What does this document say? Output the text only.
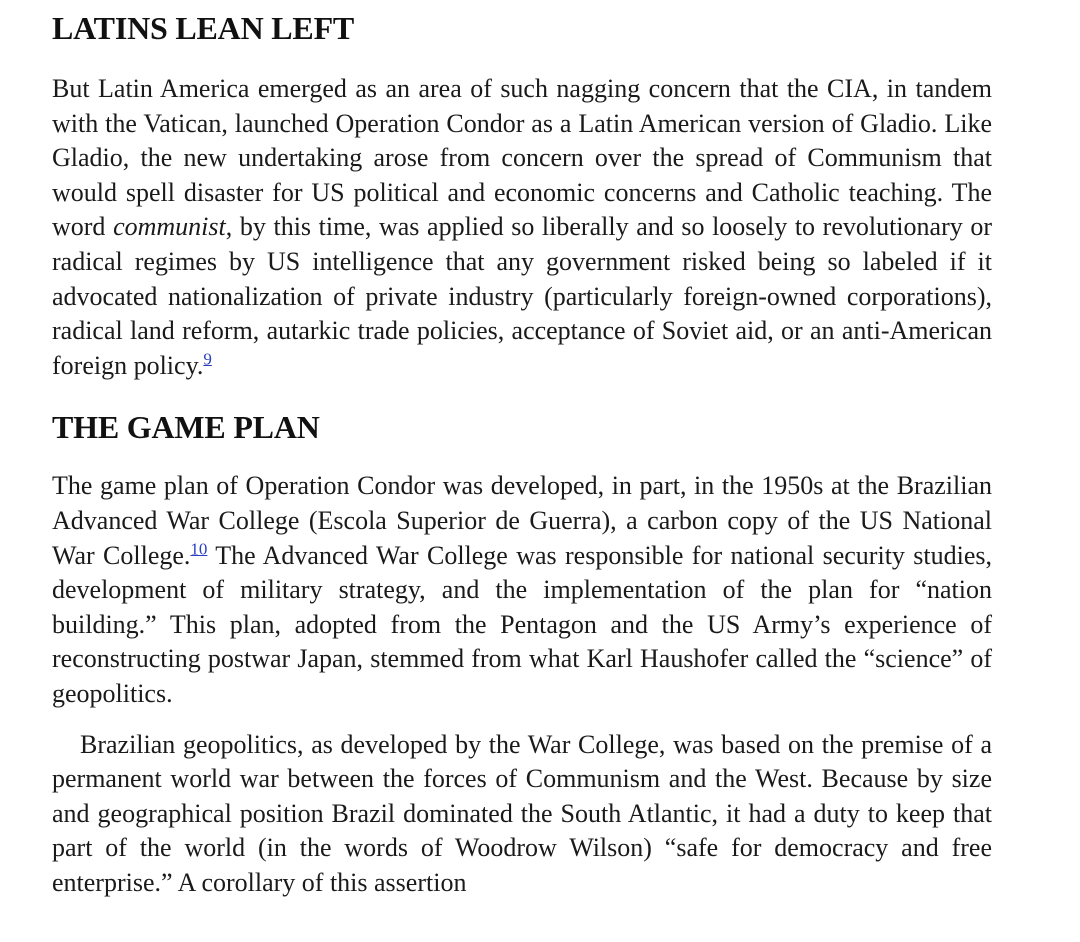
LATINS LEAN LEFT

But Latin America emerged as an area of such nagging concern that the CIA, in tandem with the Vatican, launched Operation Condor as a Latin American version of Gladio. Like Gladio, the new undertaking arose from concern over the spread of Communism that would spell disaster for US political and economic concerns and Catholic teaching. The word communist, by this time, was applied so liberally and so loosely to revolutionary or radical regimes by US intelligence that any government risked being so labeled if it advocated nationalization of private industry (particularly foreign-owned corporations), radical land reform, autarkic trade policies, acceptance of Soviet aid, or an anti-American foreign policy.$^9$

THE GAME PLAN

The game plan of Operation Condor was developed, in part, in the 1950s at the Brazilian Advanced War College (Escola Superior de Guerra), a carbon copy of the US National War College.$^{10}$ The Advanced War College was responsible for national security studies, development of military strategy, and the implementation of the plan for “nation building.” This plan, adopted from the Pentagon and the US Army’s experience of reconstructing postwar Japan, stemmed from what Karl Haushofer called the “science” of geopolitics.

Brazilian geopolitics, as developed by the War College, was based on the premise of a permanent world war between the forces of Communism and the West. Because by size and geographical position Brazil dominated the South Atlantic, it had a duty to keep that part of the world (in the words of Woodrow Wilson) “safe for democracy and free enterprise.” A corollary of this assertion
